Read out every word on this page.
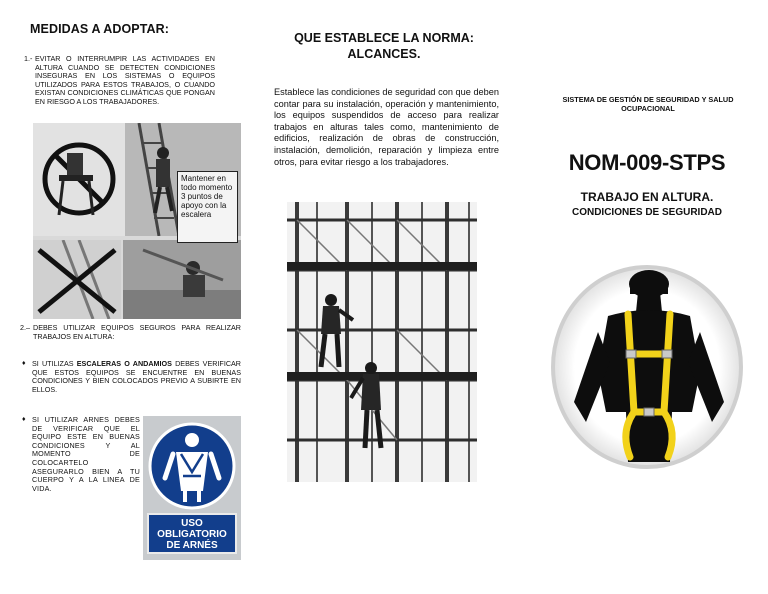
MEDIDAS A ADOPTAR:
1.- EVITAR O INTERRUMPIR LAS ACTIVIDADES EN ALTURA CUANDO SE DETECTEN CONDICIONES INSEGURAS EN LOS SISTEMAS O EQUIPOS UTILIZADOS PARA ESTOS TRABAJOS, O CUANDO EXISTAN CONDICIONES CLIMÁTICAS QUE PONGAN EN RIESGO A LOS TRABAJADORES.
Mantener en todo momento 3 puntos de apoyo con la escalera
2.– DEBES UTILIZAR EQUIPOS SEGUROS PARA REALIZAR TRABAJOS EN ALTURA:
♦ SI UTILIZAS ESCALERAS O ANDAMIOS DEBES VERIFICAR QUE ESTOS EQUIPOS SE ENCUENTRE EN BUENAS CONDICIONES Y BIEN COLOCADOS PREVIO A SUBIRTE EN ELLOS.
♦ SI UTILIZAR ARNES DEBES DE VERIFICAR QUE EL EQUIPO ESTE EN BUENAS CONDICIONES Y AL MOMENTO DE COLOCARTELO ASEGURARLO BIEN A TU CUERPO Y A LA LINEA DE VIDA.
USO
OBLIGATORIO
DE ARNÉS
QUE ESTABLECE LA NORMA:
ALCANCES.
Establece las condiciones de seguridad con que deben contar para su instalación, operación y mantenimiento, los equipos suspendidos de acceso para realizar trabajos en alturas tales como, mantenimiento de edificios, realización de obras de construcción, instalación, demolición, reparación y limpieza entre otros, para evitar riesgo a los trabajadores.
SISTEMA DE GESTIÓN DE SEGURIDAD Y SALUD OCUPACIONAL
NOM-009-STPS
TRABAJO EN ALTURA.
CONDICIONES DE SEGURIDAD
